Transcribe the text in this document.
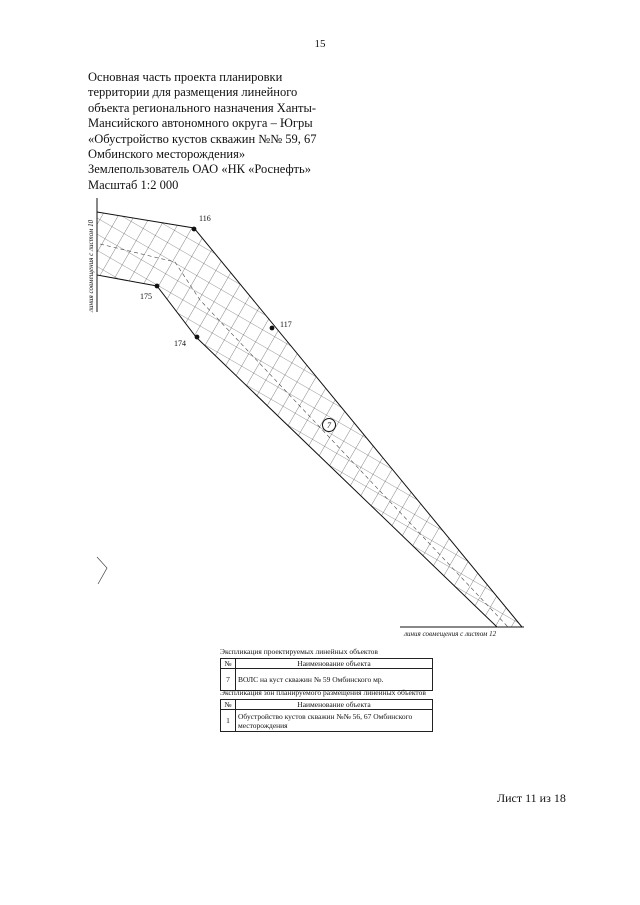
15
Основная часть проекта планировки
территории для размещения линейного
объекта регионального назначения Ханты-
Мансийского автономного округа – Югры
«Обустройство кустов скважин №№ 59, 67
Омбинского месторождения»
Землепользователь ОАО «НК «Роснефть»
Масштаб 1:2 000
линия совмещения с листом 10
линия совмещения с листом 12
116
175
174
117
7
Экспликация проектируемых линейных объектов
№	Наименование объекта
7	ВОЛС на куст скважин № 59 Омбинского мр.
Экспликация зон планируемого размещения линейных объектов
№	Наименование объекта
1	Обустройство кустов скважин №№ 56, 67 Омбинского месторождения
Лист 11 из 18
